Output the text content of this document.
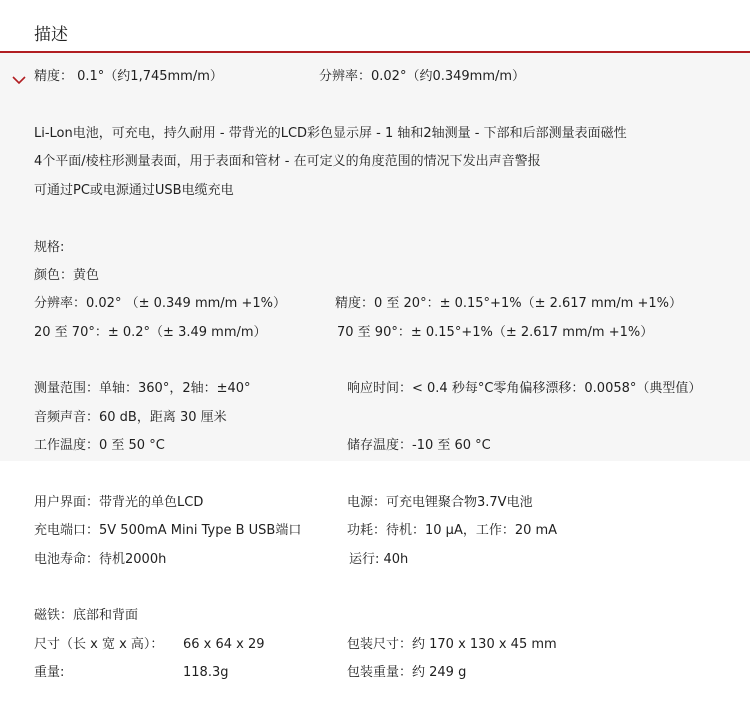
描述
精度： 0.1°（约1,745mm/m）	分辨率：0.02°（约0.349mm/m）
Li-Lon电池，可充电，持久耐用 - 带背光的LCD彩色显示屏 - 1 轴和2轴测量 - 下部和后部测量表面磁性
4个平面/棱柱形测量表面，用于表面和管材 - 在可定义的角度范围的情况下发出声音警报
可通过PC或电源通过USB电缆充电
规格:
颜色：黄色
分辨率：0.02° （± 0.349 mm/m +1%）	精度：0 至 20°：± 0.15°+1%（± 2.617 mm/m +1%）
20 至 70°：± 0.2°（± 3.49 mm/m）	70 至 90°：± 0.15°+1%（± 2.617 mm/m +1%）
测量范围：单轴：360°，2轴：±40°	响应时间：< 0.4 秒每°C零角偏移漂移：0.0058°（典型值）
音频声音：60 dB，距离 30 厘米
工作温度：0 至 50 °C	储存温度：-10 至 60 °C
用户界面：带背光的单色LCD	电源：可充电锂聚合物3.7V电池
充电端口：5V 500mA Mini Type B USB端口	功耗：待机：10 µA，工作：20 mA
电池寿命：待机2000h	运行: 40h
磁铁：底部和背面
尺寸（长 x 宽 x 高）： 66 x 64 x 29	包装尺寸：约 170 x 130 x 45 mm
重量:	118.3g	包装重量：约 249 g
